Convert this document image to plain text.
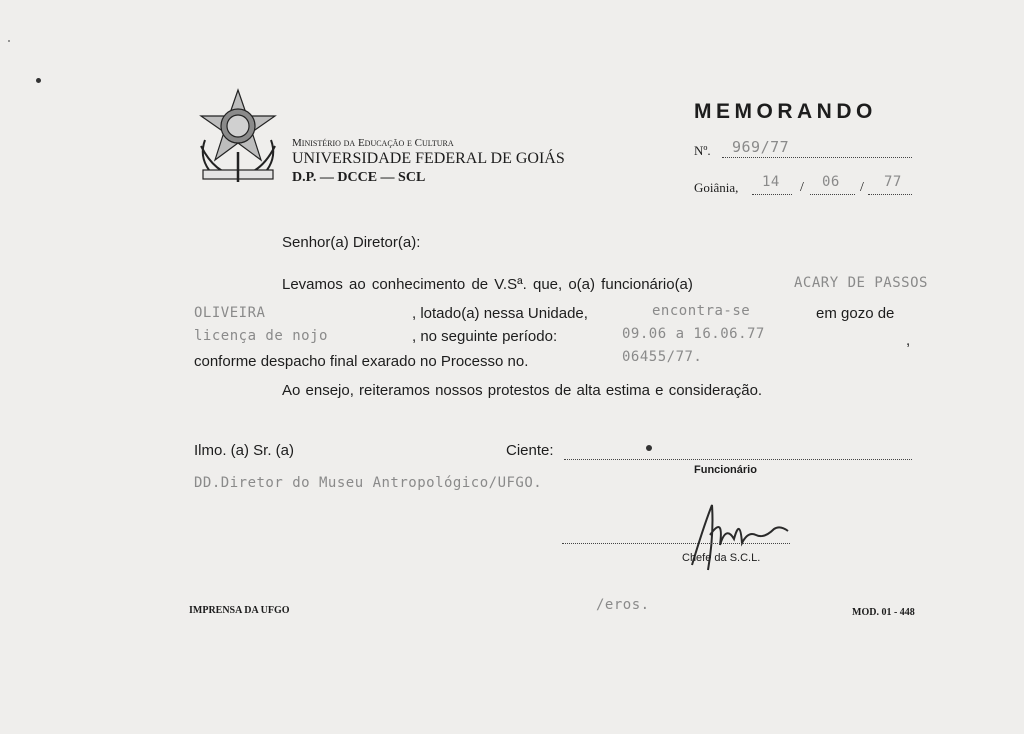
Ministério da Educação e Cultura
UNIVERSIDADE FEDERAL DE GOIÁS
D.P. — DCCE — SCL
MEMORANDO
Nº. 969/77
Goiânia, 14 / 06 / 77
Senhor(a) Diretor(a):
Levamos ao conhecimento de V.Sª. que, o(a) funcionário(a)	ACARY DE PASSOS
OLIVEIRA	, lotado(a) nessa Unidade,	encontra-se	em gozo de
licença de nojo	, no seguinte período:	09.06 a 16.06.77	,
conforme despacho final exarado no Processo no.	06455/77.
Ao ensejo, reiteramos nossos protestos de alta estima e consideração.
Ilmo. (a) Sr. (a)	Ciente:
Funcionário
DD.Diretor do Museu Antropológico/UFGO.
Chefe da S.C.L.
IMPRENSA DA UFGO	/eros.	MOD. 01 - 448
